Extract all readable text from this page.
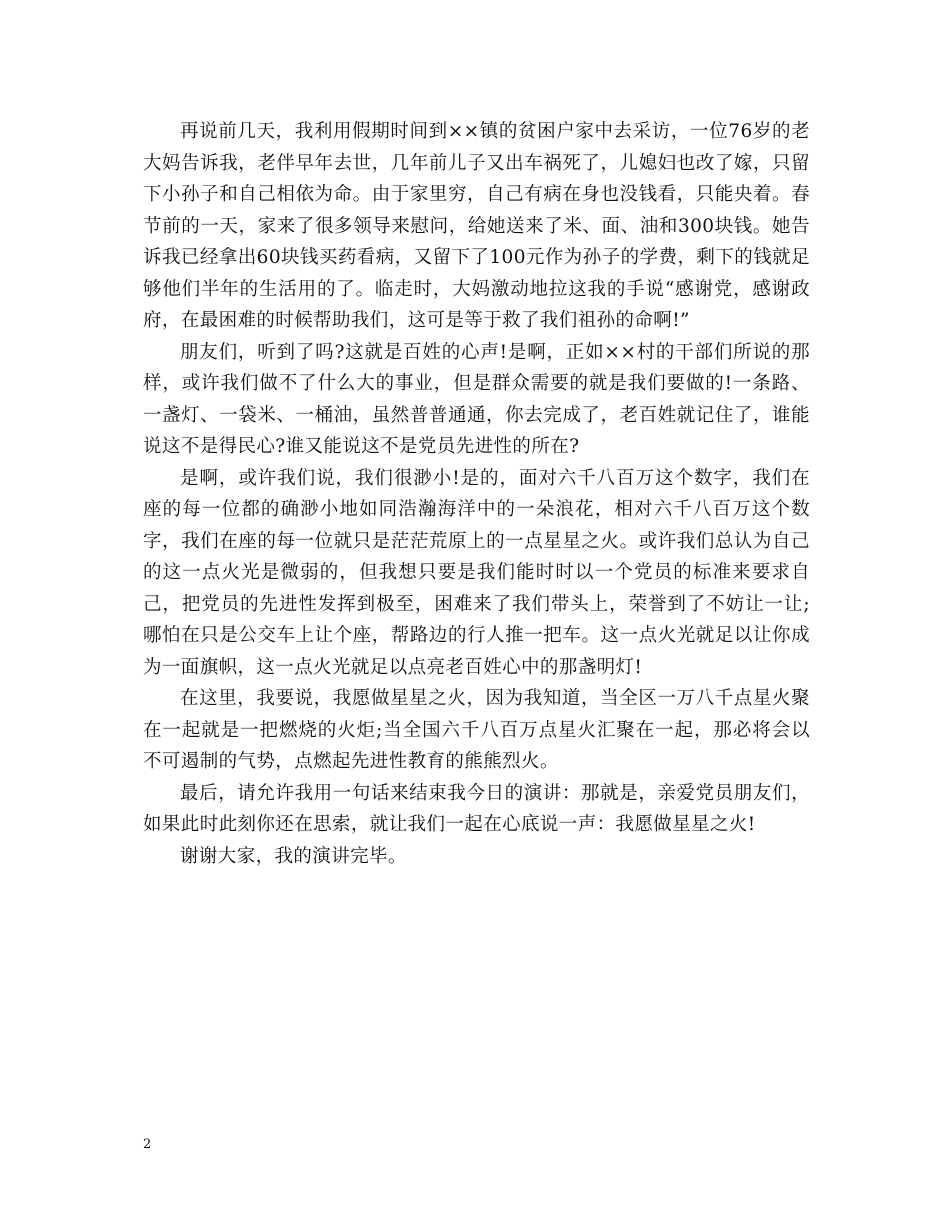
再说前几天，我利用假期时间到××镇的贫困户家中去采访，一位76岁的老大妈告诉我，老伴早年去世，几年前儿子又出车祸死了，儿媳妇也改了嫁，只留下小孙子和自己相依为命。由于家里穷，自己有病在身也没钱看，只能央着。春节前的一天，家来了很多领导来慰问，给她送来了米、面、油和300块钱。她告诉我已经拿出60块钱买药看病，又留下了100元作为孙子的学费，剩下的钱就足够他们半年的生活用的了。临走时，大妈激动地拉这我的手说“感谢党，感谢政府，在最困难的时候帮助我们，这可是等于救了我们祖孙的命啊!”

朋友们，听到了吗?这就是百姓的心声!是啊，正如××村的干部们所说的那样，或许我们做不了什么大的事业，但是群众需要的就是我们要做的!一条路、一盏灯、一袋米、一桶油，虽然普普通通，你去完成了，老百姓就记住了，谁能说这不是得民心?谁又能说这不是党员先进性的所在?

是啊，或许我们说，我们很渺小!是的，面对六千八百万这个数字，我们在座的每一位都的确渺小地如同浩瀚海洋中的一朵浪花，相对六千八百万这个数字，我们在座的每一位就只是茫茫荒原上的一点星星之火。或许我们总认为自己的这一点火光是微弱的，但我想只要是我们能时时以一个党员的标准来要求自己，把党员的先进性发挥到极至，困难来了我们带头上，荣誉到了不妨让一让;哪怕在只是公交车上让个座，帮路边的行人推一把车。这一点火光就足以让你成为一面旗帜，这一点火光就足以点亮老百姓心中的那盏明灯!

在这里，我要说，我愿做星星之火，因为我知道，当全区一万八千点星火聚在一起就是一把燃烧的火炬;当全国六千八百万点星火汇聚在一起，那必将会以不可遏制的气势，点燃起先进性教育的熊熊烈火。

最后，请允许我用一句话来结束我今日的演讲：那就是，亲爱党员朋友们，如果此时此刻你还在思索，就让我们一起在心底说一声：我愿做星星之火!

谢谢大家，我的演讲完毕。

2
